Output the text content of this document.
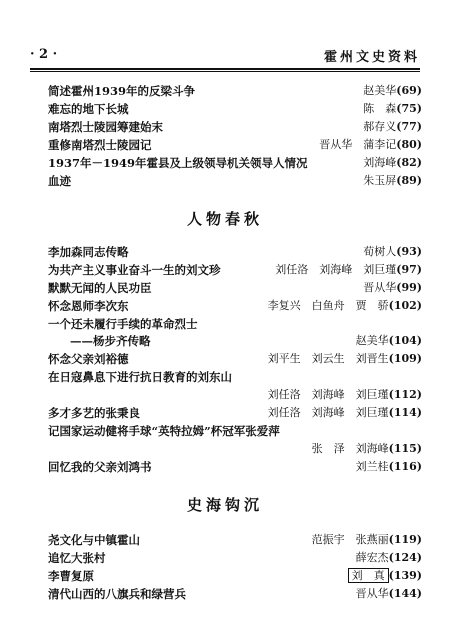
· 2 ·	霍州文史资料
简述霍州1939年的反梁斗争	赵美华(69)
难忘的地下长城	陈　森(75)
南塔烈士陵园筹建始末	郝存义(77)
重修南塔烈士陵园记	晋从华　蒲李记(80)
1937年－1949年霍县及上级领导机关领导人情况	刘海峰(82)
血迹	朱玉屏(89)
人物春秋
李加森同志传略	荀树人(93)
为共产主义事业奋斗一生的刘文珍	刘任洛　刘海峰　刘巨瑾(97)
默默无闻的人民功臣	晋从华(99)
怀念恩师李次东	李复兴　白鱼舟　贾　骄(102)
一个还未履行手续的革命烈士
——杨步齐传略	赵美华(104)
怀念父亲刘裕德	刘平生　刘云生　刘晋生(109)
在日寇鼻息下进行抗日教育的刘东山
刘任洛　刘海峰　刘巨瑾(112)
多才多艺的张秉良	刘任洛　刘海峰　刘巨瑾(114)
记国家运动健将手球“英特拉姆”杯冠军张爱萍
张　泽　刘海峰(115)
回忆我的父亲刘鸿书	刘兰桂(116)
史海钩沉
尧文化与中镇霍山	范振宇　张燕丽(119)
追忆大张村	薛宏杰(124)
李曹复原	刘　真 (139)
清代山西的八旗兵和绿营兵	晋从华(144)
